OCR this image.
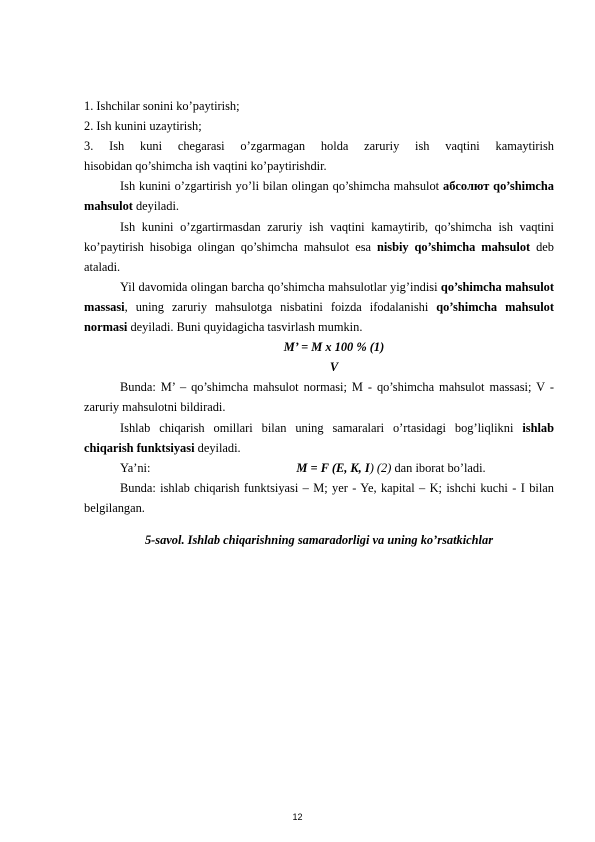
1. Ishchilar sonini ko’paytirish;

2. Ish kunini uzaytirish;

3. Ish kuni chegarasi o’zgarmagan holda zaruriy ish vaqtini kamaytirish
hisobidan qo’shimcha ish vaqtini ko’paytirishdir.

Ish kunini o’zgartirish yo’li bilan olingan qo’shimcha mahsulot абсолют qo’shimcha mahsulot deyiladi.

Ish kunini o’zgartirmasdan zaruriy ish vaqtini kamaytirib, qo’shimcha ish vaqtini ko’paytirish hisobiga olingan qo’shimcha mahsulot esa nisbiy qo’shimcha mahsulot deb ataladi.

Yil davomida olingan barcha qo’shimcha mahsulotlar yig’indisi qo’shimcha mahsulot massasi, uning zaruriy mahsulotga nisbatini foizda ifodalanishi qo’shimcha mahsulot normasi deyiladi. Buni quyidagicha tasvirlash mumkin.

M’ = M x 100 % (1)

V

Bunda: M’ – qo’shimcha mahsulot normasi; M - qo’shimcha mahsulot massasi; V - zaruriy mahsulotni bildiradi.

Ishlab chiqarish omillari bilan uning samaralari o’rtasidagi bog’liqlikni ishlab chiqarish funktsiyasi deyiladi.

Ya’ni:	M = F (E, K, I) (2) dan iborat bo’ladi.

Bunda: ishlab chiqarish funktsiyasi – M; yer - Ye, kapital – K; ishchi kuchi - I bilan belgilangan.

5-savol. Ishlab chiqarishning samaradorligi va uning ko’rsatkichlar

12
